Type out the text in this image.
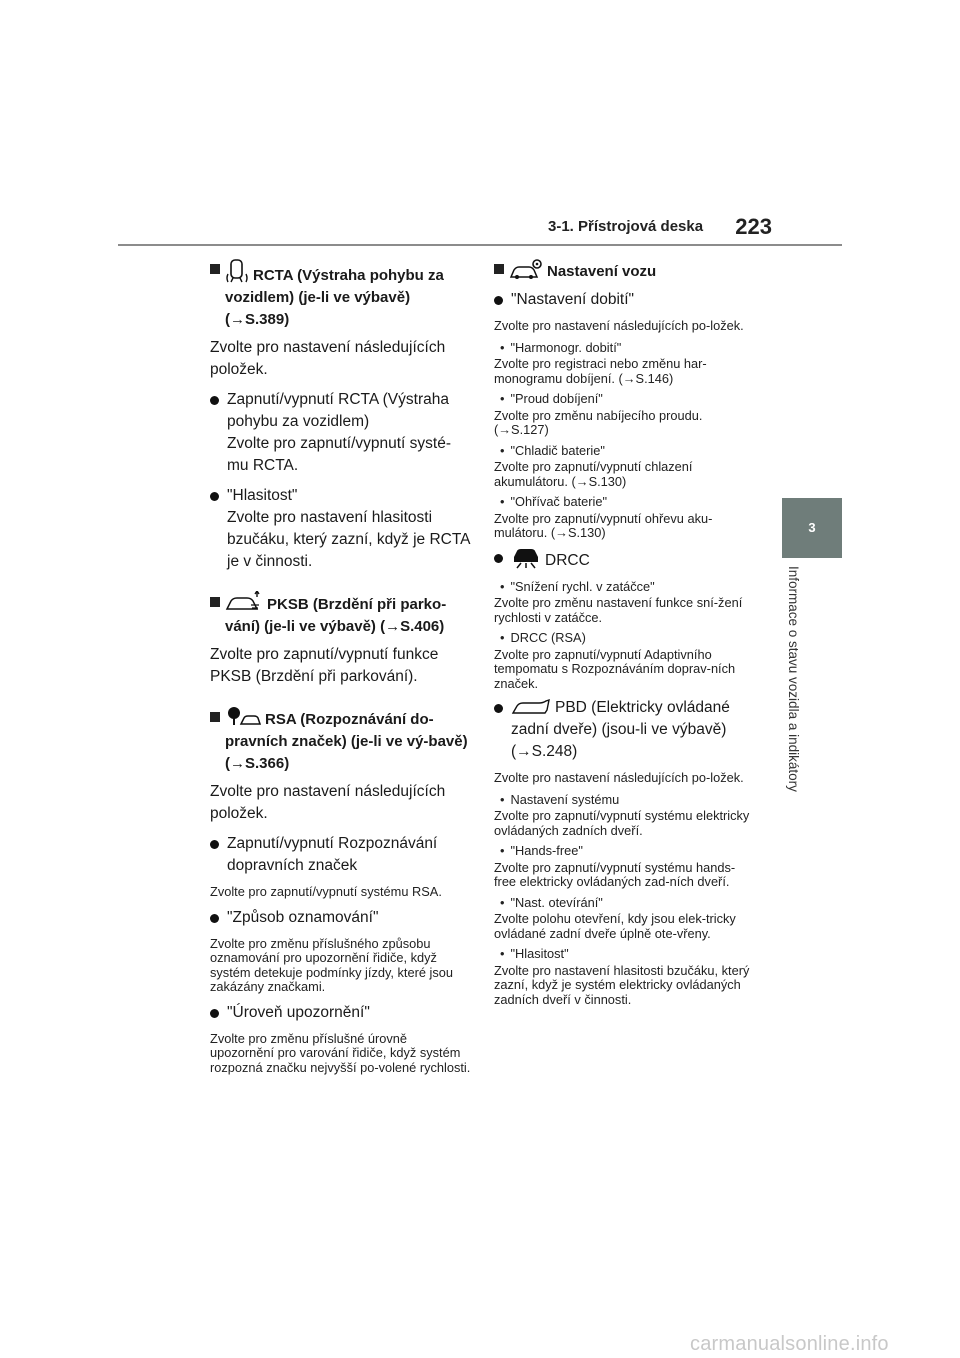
3-1. Přístrojová deska 223
3
Informace o stavu vozidla a indikátory
RCTA (Výstraha pohybu za vozidlem) (je-li ve výbavě) (→S.389)

Zvolte pro nastavení následujících položek.

Zapnutí/vypnutí RCTA (Výstraha pohybu za vozidlem)
Zvolte pro zapnutí/vypnutí systé-mu RCTA.
"Hlasitost"
Zvolte pro nastavení hlasitosti bzučáku, který zazní, když je RCTA je v činnosti.
PKSB (Brzdění při parko-vání) (je-li ve výbavě) (→S.406)

Zvolte pro zapnutí/vypnutí funkce PKSB (Brzdění při parkování).

RSA (Rozpoznávání do-pravních značek) (je-li ve vý-bavě) (→S.366)

Zvolte pro nastavení následujících položek.

Zapnutí/vypnutí Rozpoznávání dopravních značek

Zvolte pro zapnutí/vypnutí systému RSA.

"Způsob oznamování"

Zvolte pro změnu příslušného způsobu oznamování pro upozornění řidiče, když systém detekuje podmínky jízdy, které jsou zakázány značkami.

"Úroveň upozornění"

Zvolte pro změnu příslušné úrovně upozornění pro varování řidiče, když systém rozpozná značku nejvyšší po-volené rychlosti.

Nastavení vozu
"Nastavení dobití"

Zvolte pro nastavení následujících po-ložek.

• "Harmonogr. dobití"

Zvolte pro registraci nebo změnu har-monogramu dobíjení. (→S.146)

• "Proud dobíjení"

Zvolte pro změnu nabíjecího proudu. (→S.127)

• "Chladič baterie"

Zvolte pro zapnutí/vypnutí chlazení akumulátoru. (→S.130)

• "Ohřívač baterie"

Zvolte pro zapnutí/vypnutí ohřevu aku-mulátoru. (→S.130)

DRCC
• "Snížení rychl. v zatáčce"

Zvolte pro změnu nastavení funkce sní-žení rychlosti v zatáčce.

• DRCC (RSA)

Zvolte pro zapnutí/vypnutí Adaptivního tempomatu s Rozpoznáváním doprav-ních značek.

PBD (Elektricky ovládané zadní dveře) (jsou-li ve výbavě) (→S.248)

Zvolte pro nastavení následujících po-ložek.

• Nastavení systému

Zvolte pro zapnutí/vypnutí systému elektricky ovládaných zadních dveří.

• "Hands-free"

Zvolte pro zapnutí/vypnutí systému hands-free elektricky ovládaných zad-ních dveří.

• "Nast. otevírání"

Zvolte polohu otevření, kdy jsou elek-tricky ovládané zadní dveře úplně ote-vřeny.

• "Hlasitost"

Zvolte pro nastavení hlasitosti bzučáku, který zazní, když je systém elektricky ovládaných zadních dveří v činnosti.

carmanualsonline.info
